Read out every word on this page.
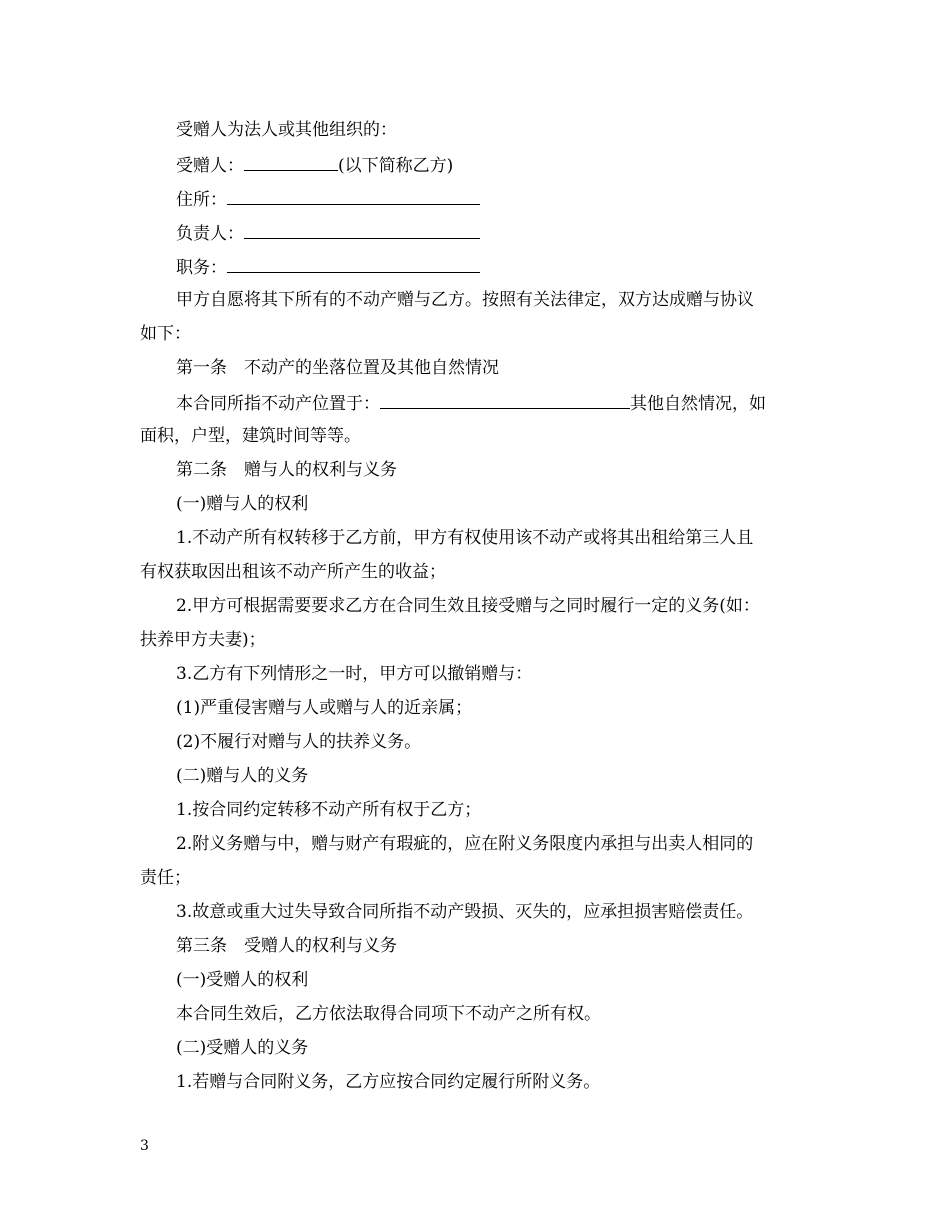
受赠人为法人或其他组织的：
受赠人：	(以下简称乙方)
住所：
负责人：
职务：
甲方自愿将其下所有的不动产赠与乙方。按照有关法律定，双方达成赠与协议
如下：
第一条　不动产的坐落位置及其他自然情况
本合同所指不动产位置于：	其他自然情况，如
面积，户型，建筑时间等等。
第二条　赠与人的权利与义务
(一)赠与人的权利
1.不动产所有权转移于乙方前，甲方有权使用该不动产或将其出租给第三人且
有权获取因出租该不动产所产生的收益；
2.甲方可根据需要要求乙方在合同生效且接受赠与之同时履行一定的义务(如：
扶养甲方夫妻)；
3.乙方有下列情形之一时，甲方可以撤销赠与：
(1)严重侵害赠与人或赠与人的近亲属；
(2)不履行对赠与人的扶养义务。
(二)赠与人的义务
1.按合同约定转移不动产所有权于乙方；
2.附义务赠与中，赠与财产有瑕疵的，应在附义务限度内承担与出卖人相同的
责任；
3.故意或重大过失导致合同所指不动产毁损、灭失的，应承担损害赔偿责任。
第三条　受赠人的权利与义务
(一)受赠人的权利
本合同生效后，乙方依法取得合同项下不动产之所有权。
(二)受赠人的义务
1.若赠与合同附义务，乙方应按合同约定履行所附义务。
3
